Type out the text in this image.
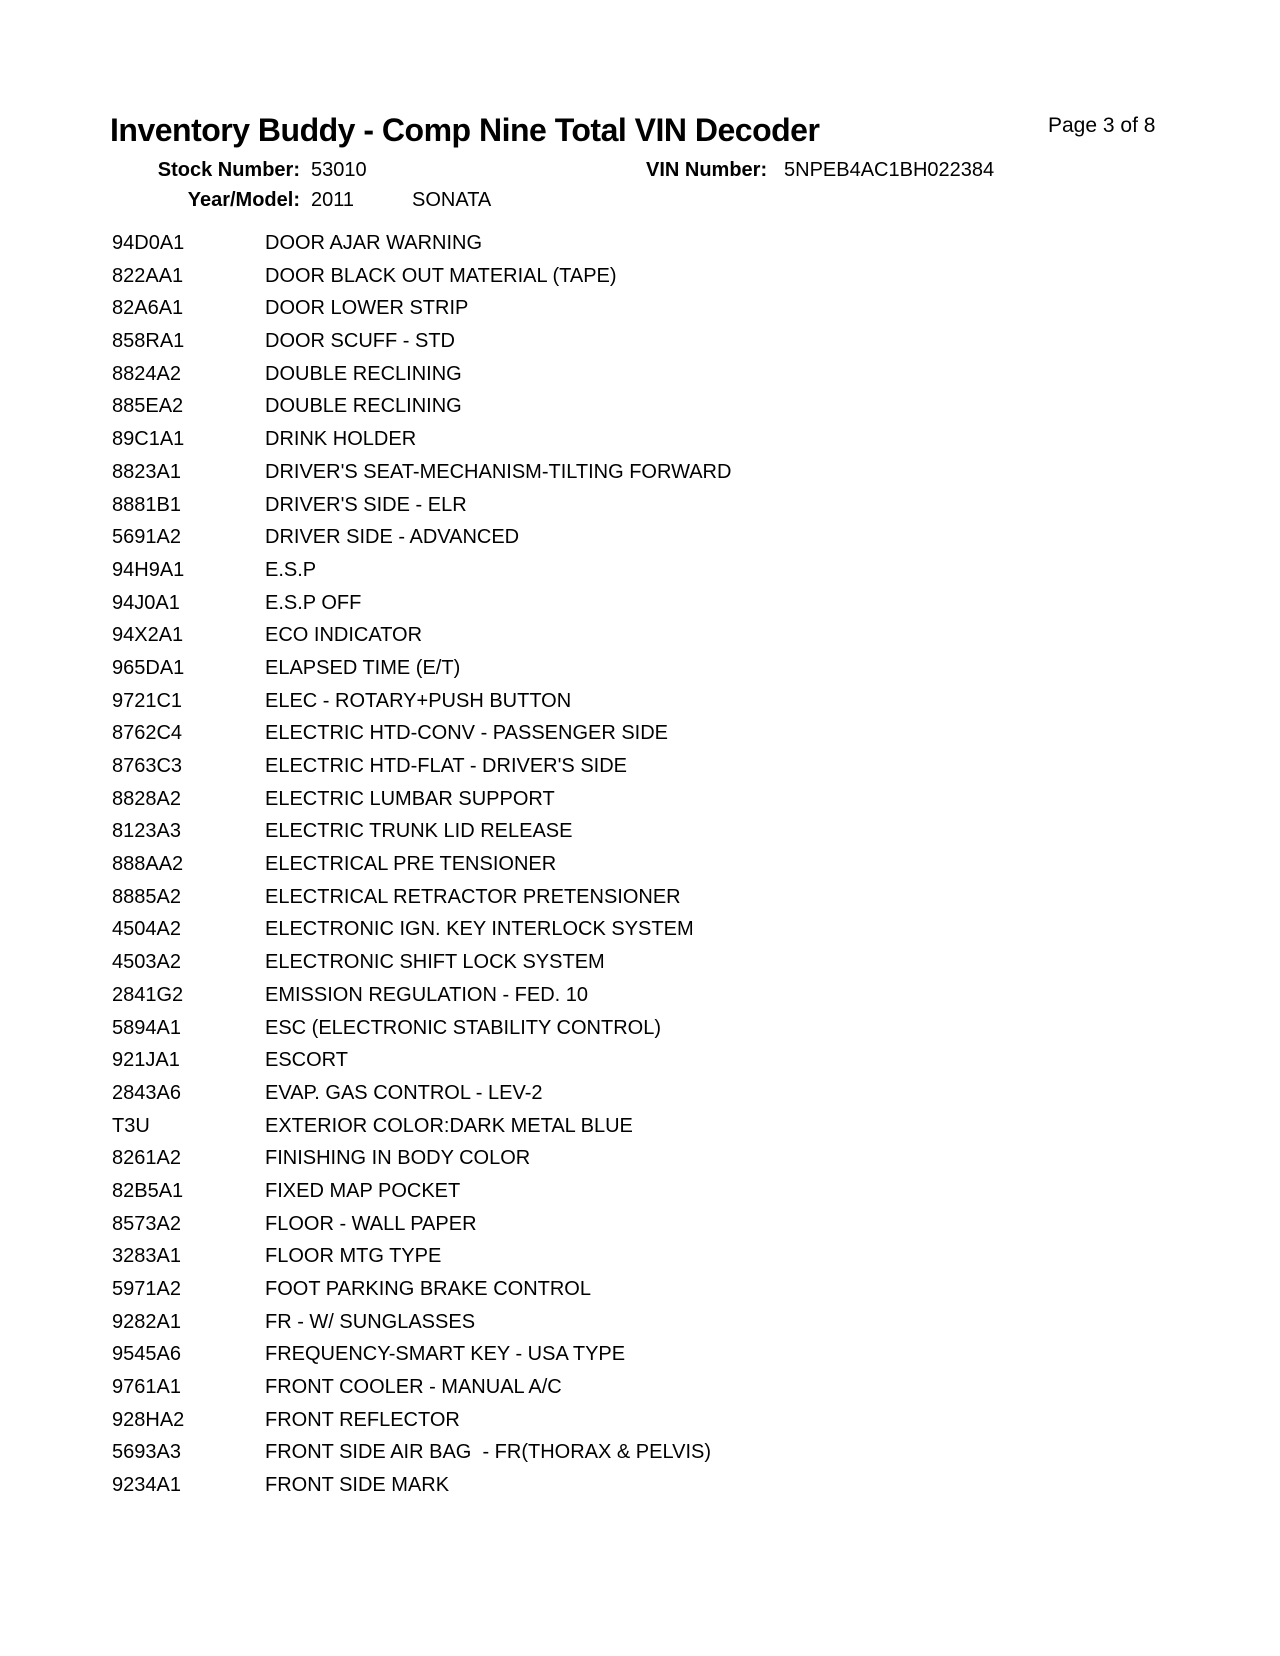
Inventory Buddy - Comp Nine Total VIN Decoder	Page 3 of 8
Stock Number: 53010	VIN Number: 5NPEB4AC1BH022384
Year/Model: 2011	SONATA
94D0A1	DOOR AJAR WARNING
822AA1	DOOR BLACK OUT MATERIAL (TAPE)
82A6A1	DOOR LOWER STRIP
858RA1	DOOR SCUFF - STD
8824A2	DOUBLE RECLINING
885EA2	DOUBLE RECLINING
89C1A1	DRINK HOLDER
8823A1	DRIVER'S SEAT-MECHANISM-TILTING FORWARD
8881B1	DRIVER'S SIDE - ELR
5691A2	DRIVER SIDE - ADVANCED
94H9A1	E.S.P
94J0A1	E.S.P OFF
94X2A1	ECO INDICATOR
965DA1	ELAPSED TIME (E/T)
9721C1	ELEC - ROTARY+PUSH BUTTON
8762C4	ELECTRIC HTD-CONV - PASSENGER SIDE
8763C3	ELECTRIC HTD-FLAT - DRIVER'S SIDE
8828A2	ELECTRIC LUMBAR SUPPORT
8123A3	ELECTRIC TRUNK LID RELEASE
888AA2	ELECTRICAL PRE TENSIONER
8885A2	ELECTRICAL RETRACTOR PRETENSIONER
4504A2	ELECTRONIC IGN. KEY INTERLOCK SYSTEM
4503A2	ELECTRONIC SHIFT LOCK SYSTEM
2841G2	EMISSION REGULATION - FED. 10
5894A1	ESC (ELECTRONIC STABILITY CONTROL)
921JA1	ESCORT
2843A6	EVAP. GAS CONTROL - LEV-2
T3U	EXTERIOR COLOR:DARK METAL BLUE
8261A2	FINISHING IN BODY COLOR
82B5A1	FIXED MAP POCKET
8573A2	FLOOR - WALL PAPER
3283A1	FLOOR MTG TYPE
5971A2	FOOT PARKING BRAKE CONTROL
9282A1	FR - W/ SUNGLASSES
9545A6	FREQUENCY-SMART KEY - USA TYPE
9761A1	FRONT COOLER - MANUAL A/C
928HA2	FRONT REFLECTOR
5693A3	FRONT SIDE AIR BAG  - FR(THORAX & PELVIS)
9234A1	FRONT SIDE MARK
